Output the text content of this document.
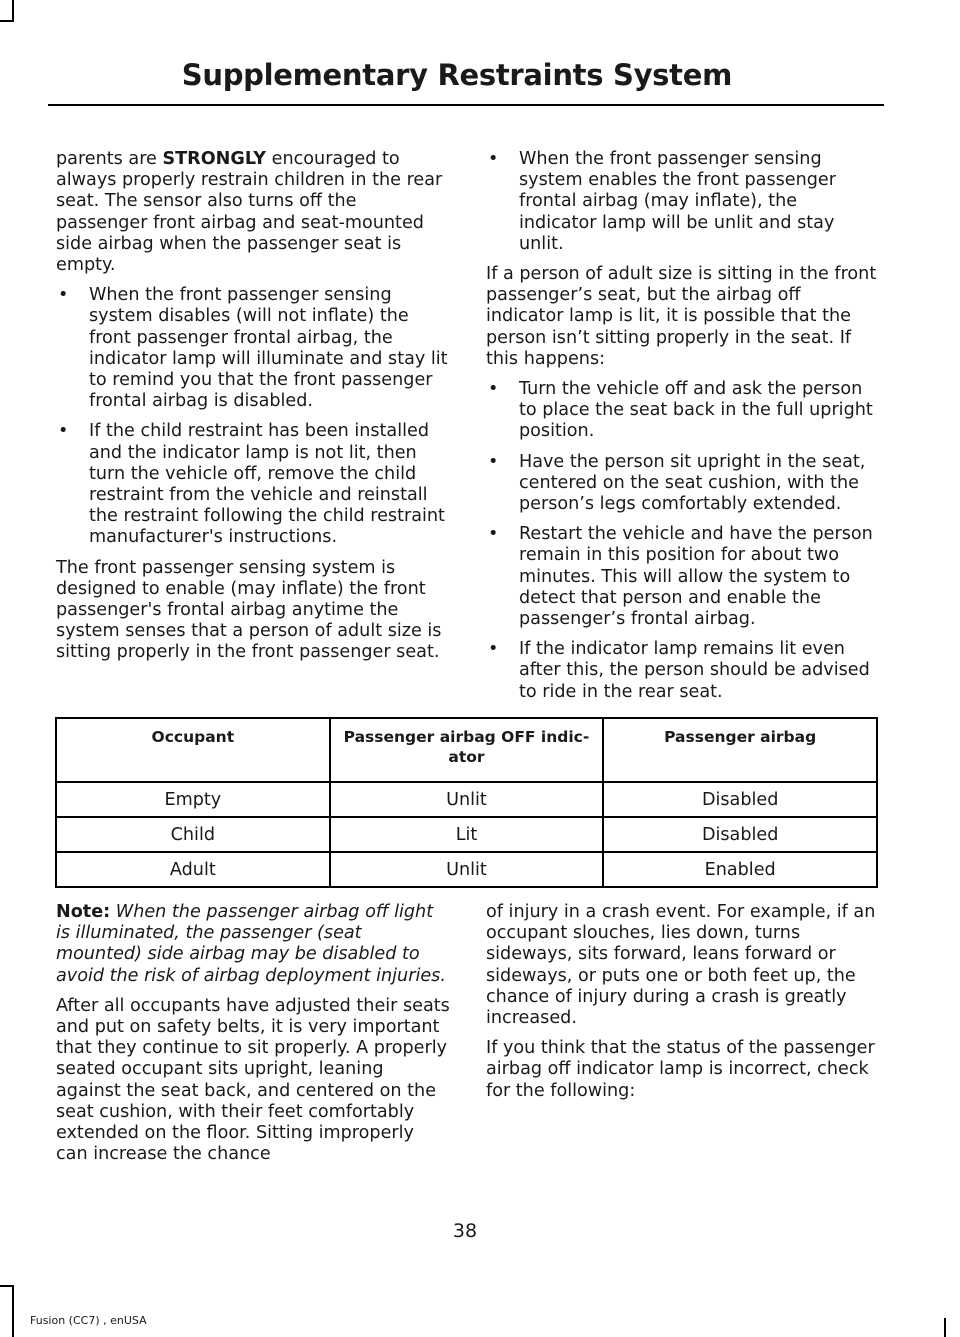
Supplementary Restraints System

parents are STRONGLY encouraged to always properly restrain children in the rear seat. The sensor also turns off the passenger front airbag and seat-mounted side airbag when the passenger seat is empty.

• When the front passenger sensing system disables (will not inflate) the front passenger frontal airbag, the indicator lamp will illuminate and stay lit to remind you that the front passenger frontal airbag is disabled.
• If the child restraint has been installed and the indicator lamp is not lit, then turn the vehicle off, remove the child restraint from the vehicle and reinstall the restraint following the child restraint manufacturer's instructions.

The front passenger sensing system is designed to enable (may inflate) the front passenger's frontal airbag anytime the system senses that a person of adult size is sitting properly in the front passenger seat.

• When the front passenger sensing system enables the front passenger frontal airbag (may inflate), the indicator lamp will be unlit and stay unlit.

If a person of adult size is sitting in the front passenger’s seat, but the airbag off indicator lamp is lit, it is possible that the person isn’t sitting properly in the seat. If this happens:

• Turn the vehicle off and ask the person to place the seat back in the full upright position.
• Have the person sit upright in the seat, centered on the seat cushion, with the person’s legs comfortably extended.
• Restart the vehicle and have the person remain in this position for about two minutes. This will allow the system to detect that person and enable the passenger’s frontal airbag.
• If the indicator lamp remains lit even after this, the person should be advised to ride in the rear seat.
Occupant	Passenger airbag OFF indic-ator	Passenger airbag
Empty	Unlit	Disabled
Child	Lit	Disabled
Adult	Unlit	Enabled

Note: When the passenger airbag off light is illuminated, the passenger (seat mounted) side airbag may be disabled to avoid the risk of airbag deployment injuries.

After all occupants have adjusted their seats and put on safety belts, it is very important that they continue to sit properly. A properly seated occupant sits upright, leaning against the seat back, and centered on the seat cushion, with their feet comfortably extended on the floor. Sitting improperly can increase the chance

of injury in a crash event. For example, if an occupant slouches, lies down, turns sideways, sits forward, leans forward or sideways, or puts one or both feet up, the chance of injury during a crash is greatly increased.

If you think that the status of the passenger airbag off indicator lamp is incorrect, check for the following:

38
Fusion (CC7) , enUSA
